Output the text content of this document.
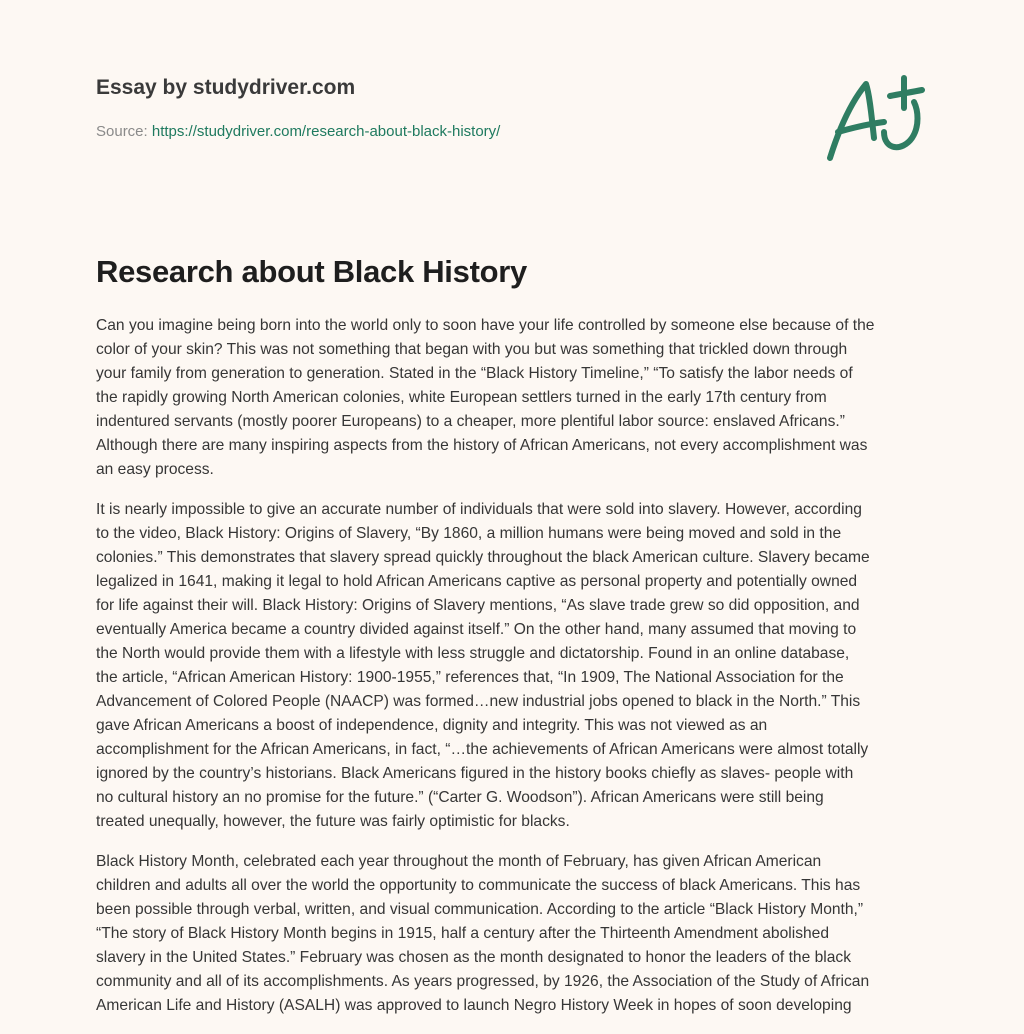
Essay by studydriver.com
Source: https://studydriver.com/research-about-black-history/
Research about Black History
Can you imagine being born into the world only to soon have your life controlled by someone else because of the
color of your skin? This was not something that began with you but was something that trickled down through
your family from generation to generation. Stated in the “Black History Timeline,” “To satisfy the labor needs of
the rapidly growing North American colonies, white European settlers turned in the early 17th century from
indentured servants (mostly poorer Europeans) to a cheaper, more plentiful labor source: enslaved Africans.”
Although there are many inspiring aspects from the history of African Americans, not every accomplishment was
an easy process.
It is nearly impossible to give an accurate number of individuals that were sold into slavery. However, according
to the video, Black History: Origins of Slavery, “By 1860, a million humans were being moved and sold in the
colonies.” This demonstrates that slavery spread quickly throughout the black American culture. Slavery became
legalized in 1641, making it legal to hold African Americans captive as personal property and potentially owned
for life against their will. Black History: Origins of Slavery mentions, “As slave trade grew so did opposition, and
eventually America became a country divided against itself.” On the other hand, many assumed that moving to
the North would provide them with a lifestyle with less struggle and dictatorship. Found in an online database,
the article, “African American History: 1900-1955,” references that, “In 1909, The National Association for the
Advancement of Colored People (NAACP) was formed…new industrial jobs opened to black in the North.” This
gave African Americans a boost of independence, dignity and integrity. This was not viewed as an
accomplishment for the African Americans, in fact, “…the achievements of African Americans were almost totally
ignored by the country’s historians. Black Americans figured in the history books chiefly as slaves- people with
no cultural history an no promise for the future.” (“Carter G. Woodson”). African Americans were still being
treated unequally, however, the future was fairly optimistic for blacks.
Black History Month, celebrated each year throughout the month of February, has given African American
children and adults all over the world the opportunity to communicate the success of black Americans. This has
been possible through verbal, written, and visual communication. According to the article “Black History Month,”
“The story of Black History Month begins in 1915, half a century after the Thirteenth Amendment abolished
slavery in the United States.” February was chosen as the month designated to honor the leaders of the black
community and all of its accomplishments. As years progressed, by 1926, the Association of the Study of African
American Life and History (ASALH) was approved to launch Negro History Week in hopes of soon developing
